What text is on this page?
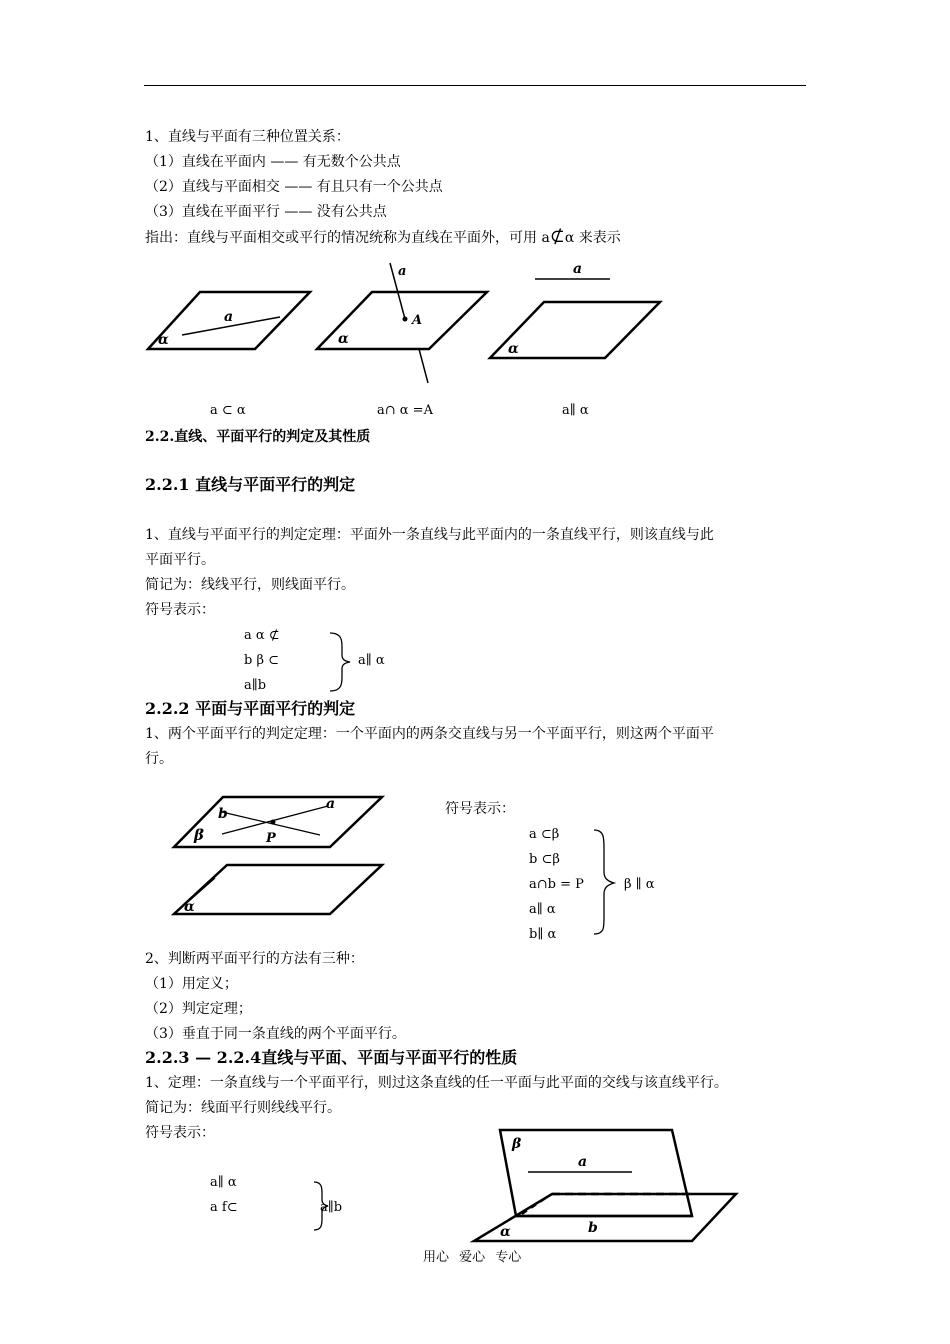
1、直线与平面有三种位置关系：
（1）直线在平面内 —— 有无数个公共点
（2）直线与平面相交 —— 有且只有一个公共点
（3）直线在平面平行 —— 没有公共点
指出：直线与平面相交或平行的情况统称为直线在平面外，可用 a⊄α 来表示
a
α
a
A
α
a
α
a ⊂ α	a∩ α =A	a∥ α
2.2.直线、平面平行的判定及其性质
2.2.1 直线与平面平行的判定
1、直线与平面平行的判定定理：平面外一条直线与此平面内的一条直线平行，则该直线与此
平面平行。
简记为：线线平行，则线面平行。
符号表示：
a α ⊄
b β ⊂
a∥b
a∥ α
2.2.2 平面与平面平行的判定
1、两个平面平行的判定定理：一个平面内的两条交直线与另一个平面平行，则这两个平面平
行。
b
a
β	P
α
符号表示：
a ⊂β
b ⊂β
a∩b = P
a∥ α
b∥ α
β ∥ α
2、判断两平面平行的方法有三种：
（1）用定义；
（2）判定定理；
（3）垂直于同一条直线的两个平面平行。
2.2.3 — 2.2.4直线与平面、平面与平面平行的性质
1、定理：一条直线与一个平面平行，则过这条直线的任一平面与此平面的交线与该直线平行。
简记为：线面平行则线线平行。
符号表示：
a∥ α
a f⊂	a∥b
β
a
α	b
用心 爱心 专心
